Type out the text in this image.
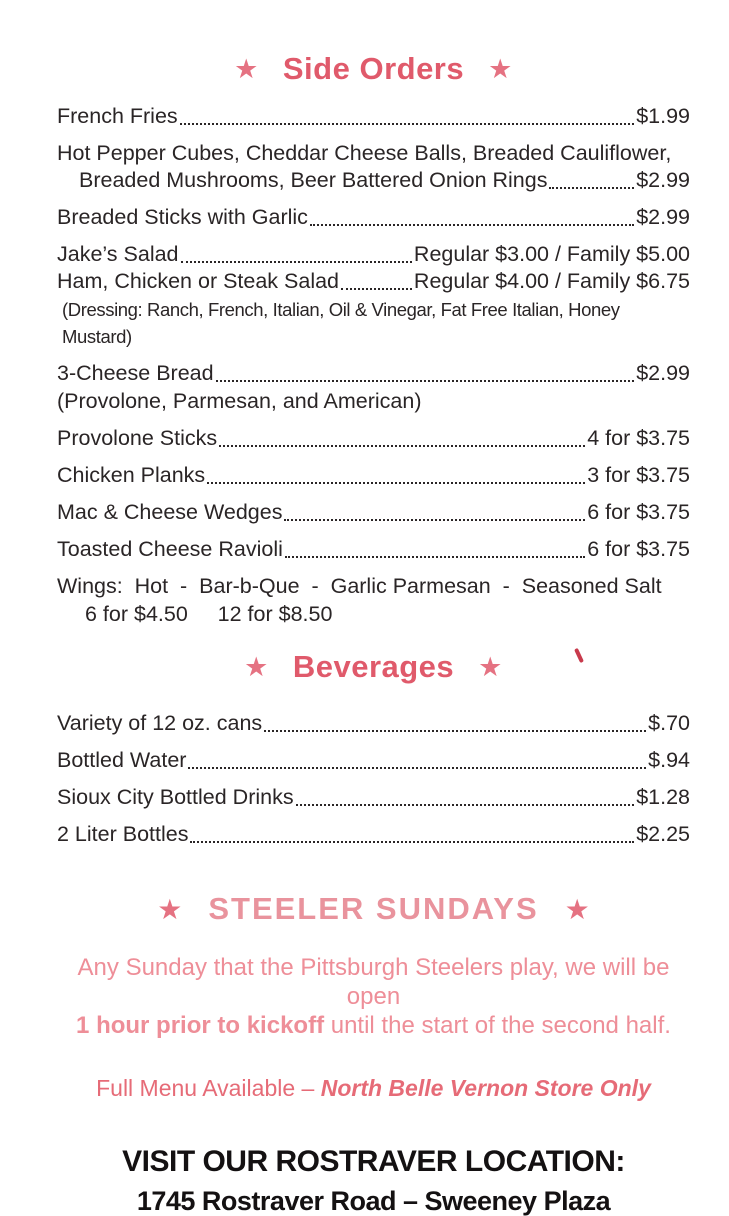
★ Side Orders ★
French Fries	$1.99
Hot Pepper Cubes, Cheddar Cheese Balls, Breaded Cauliflower,
Breaded Mushrooms, Beer Battered Onion Rings	$2.99
Breaded Sticks with Garlic	$2.99
Jake’s Salad	Regular $3.00 / Family $5.00
Ham, Chicken or Steak Salad	Regular $4.00 / Family $6.75
(Dressing: Ranch, French, Italian, Oil & Vinegar, Fat Free Italian, Honey Mustard)
3-Cheese Bread	$2.99
(Provolone, Parmesan, and American)
Provolone Sticks	4 for $3.75
Chicken Planks	3 for $3.75
Mac & Cheese Wedges	6 for $3.75
Toasted Cheese Ravioli	6 for $3.75
Wings:  Hot  -  Bar-b-Que  -  Garlic Parmesan  -  Seasoned Salt
6 for $4.50     12 for $8.50
★ Beverages ★
Variety of 12 oz. cans	$.70
Bottled Water	$.94
Sioux City Bottled Drinks	$1.28
2 Liter Bottles	$2.25
★ STEELER SUNDAYS ★

Any Sunday that the Pittsburgh Steelers play, we will be open
1 hour prior to kickoff until the start of the second half.

Full Menu Available – North Belle Vernon Store Only

VISIT OUR ROSTRAVER LOCATION:

1745 Rostraver Road – Sweeney Plaza
